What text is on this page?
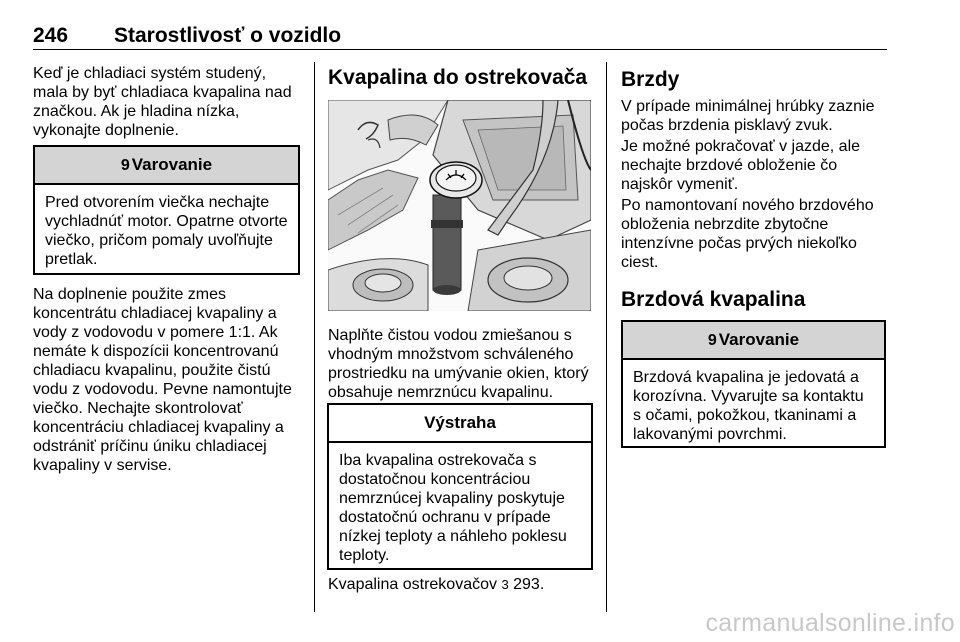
246 Starostlivosť o vozidlo
Keď je chladiaci systém studený, mala by byť chladiaca kvapalina nad značkou. Ak je hladina nízka, vykonajte doplnenie.
9 Varovanie
Pred otvorením viečka nechajte vychladnúť motor. Opatrne otvorte viečko, pričom pomaly uvoľňujte pretlak.
Na doplnenie použite zmes koncentrátu chladiacej kvapaliny a vody z vodovodu v pomere 1:1. Ak nemáte k dispozícii koncentrovanú chladiacu kvapalinu, použite čistú vodu z vodovodu. Pevne namontujte viečko. Nechajte skontrolovať koncentráciu chladiacej kvapaliny a odstrániť príčinu úniku chladiacej kvapaliny v servise.
Kvapalina do ostrekovača
Naplňte čistou vodou zmiešanou s vhodným množstvom schváleného prostriedku na umývanie okien, ktorý obsahuje nemrznúcu kvapalinu.
Výstraha
Iba kvapalina ostrekovača s dostatočnou koncentráciou nemrznúcej kvapaliny poskytuje dostatočnú ochranu v prípade nízkej teploty a náhleho poklesu teploty.
Kvapalina ostrekovačov 3 293.
Brzdy
V prípade minimálnej hrúbky zaznie počas brzdenia pisklavý zvuk.
Je možné pokračovať v jazde, ale nechajte brzdové obloženie čo najskôr vymeniť.
Po namontovaní nového brzdového obloženia nebrzdite zbytočne intenzívne počas prvých niekoľko ciest.
Brzdová kvapalina
9 Varovanie
Brzdová kvapalina je jedovatá a korozívna. Vyvarujte sa kontaktu s očami, pokožkou, tkaninami a lakovanými povrchmi.
carmanualsonline.info
